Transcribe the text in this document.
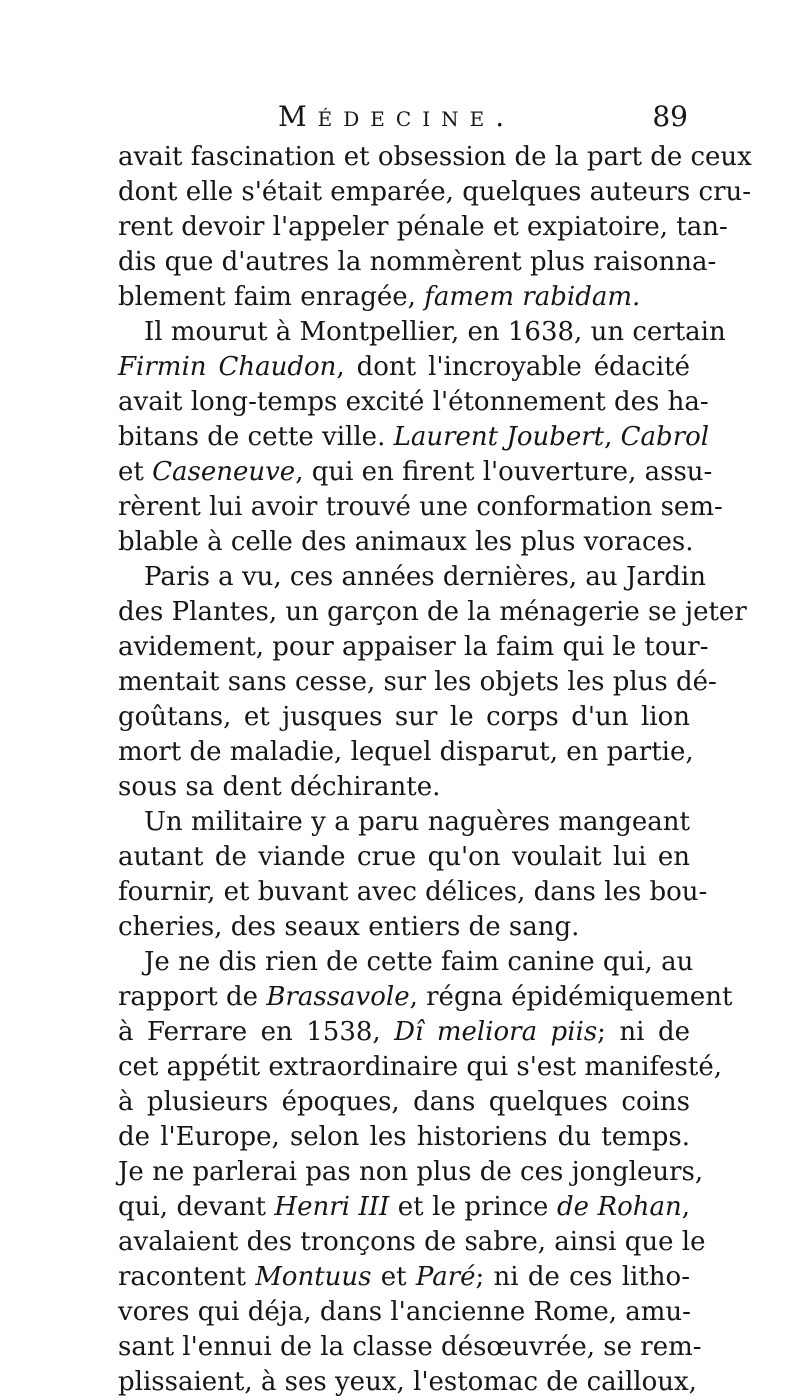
Médecine.	89
avait fascination et obsession de la part de ceux
dont elle s'était emparée, quelques auteurs cru-
rent devoir l'appeler pénale et expiatoire, tan-
dis que d'autres la nommèrent plus raisonna-
blement faim enragée, famem rabidam.
Il mourut à Montpellier, en 1638, un certain
Firmin Chaudon, dont l'incroyable édacité
avait long-temps excité l'étonnement des ha-
bitans de cette ville. Laurent Joubert, Cabrol
et Caseneuve, qui en firent l'ouverture, assu-
rèrent lui avoir trouvé une conformation sem-
blable à celle des animaux les plus voraces.
Paris a vu, ces années dernières, au Jardin
des Plantes, un garçon de la ménagerie se jeter
avidement, pour appaiser la faim qui le tour-
mentait sans cesse, sur les objets les plus dé-
goûtans, et jusques sur le corps d'un lion
mort de maladie, lequel disparut, en partie,
sous sa dent déchirante.
Un militaire y a paru naguères mangeant
autant de viande crue qu'on voulait lui en
fournir, et buvant avec délices, dans les bou-
cheries, des seaux entiers de sang.
Je ne dis rien de cette faim canine qui, au
rapport de Brassavole, régna épidémiquement
à Ferrare en 1538, Dî meliora piis; ni de
cet appétit extraordinaire qui s'est manifesté,
à plusieurs époques, dans quelques coins
de l'Europe, selon les historiens du temps.
Je ne parlerai pas non plus de ces jongleurs,
qui, devant Henri III et le prince de Rohan,
avalaient des tronçons de sabre, ainsi que le
racontent Montuus et Paré; ni de ces litho-
vores qui déja, dans l'ancienne Rome, amu-
sant l'ennui de la classe désœuvrée, se rem-
plissaient, à ses yeux, l'estomac de cailloux,
